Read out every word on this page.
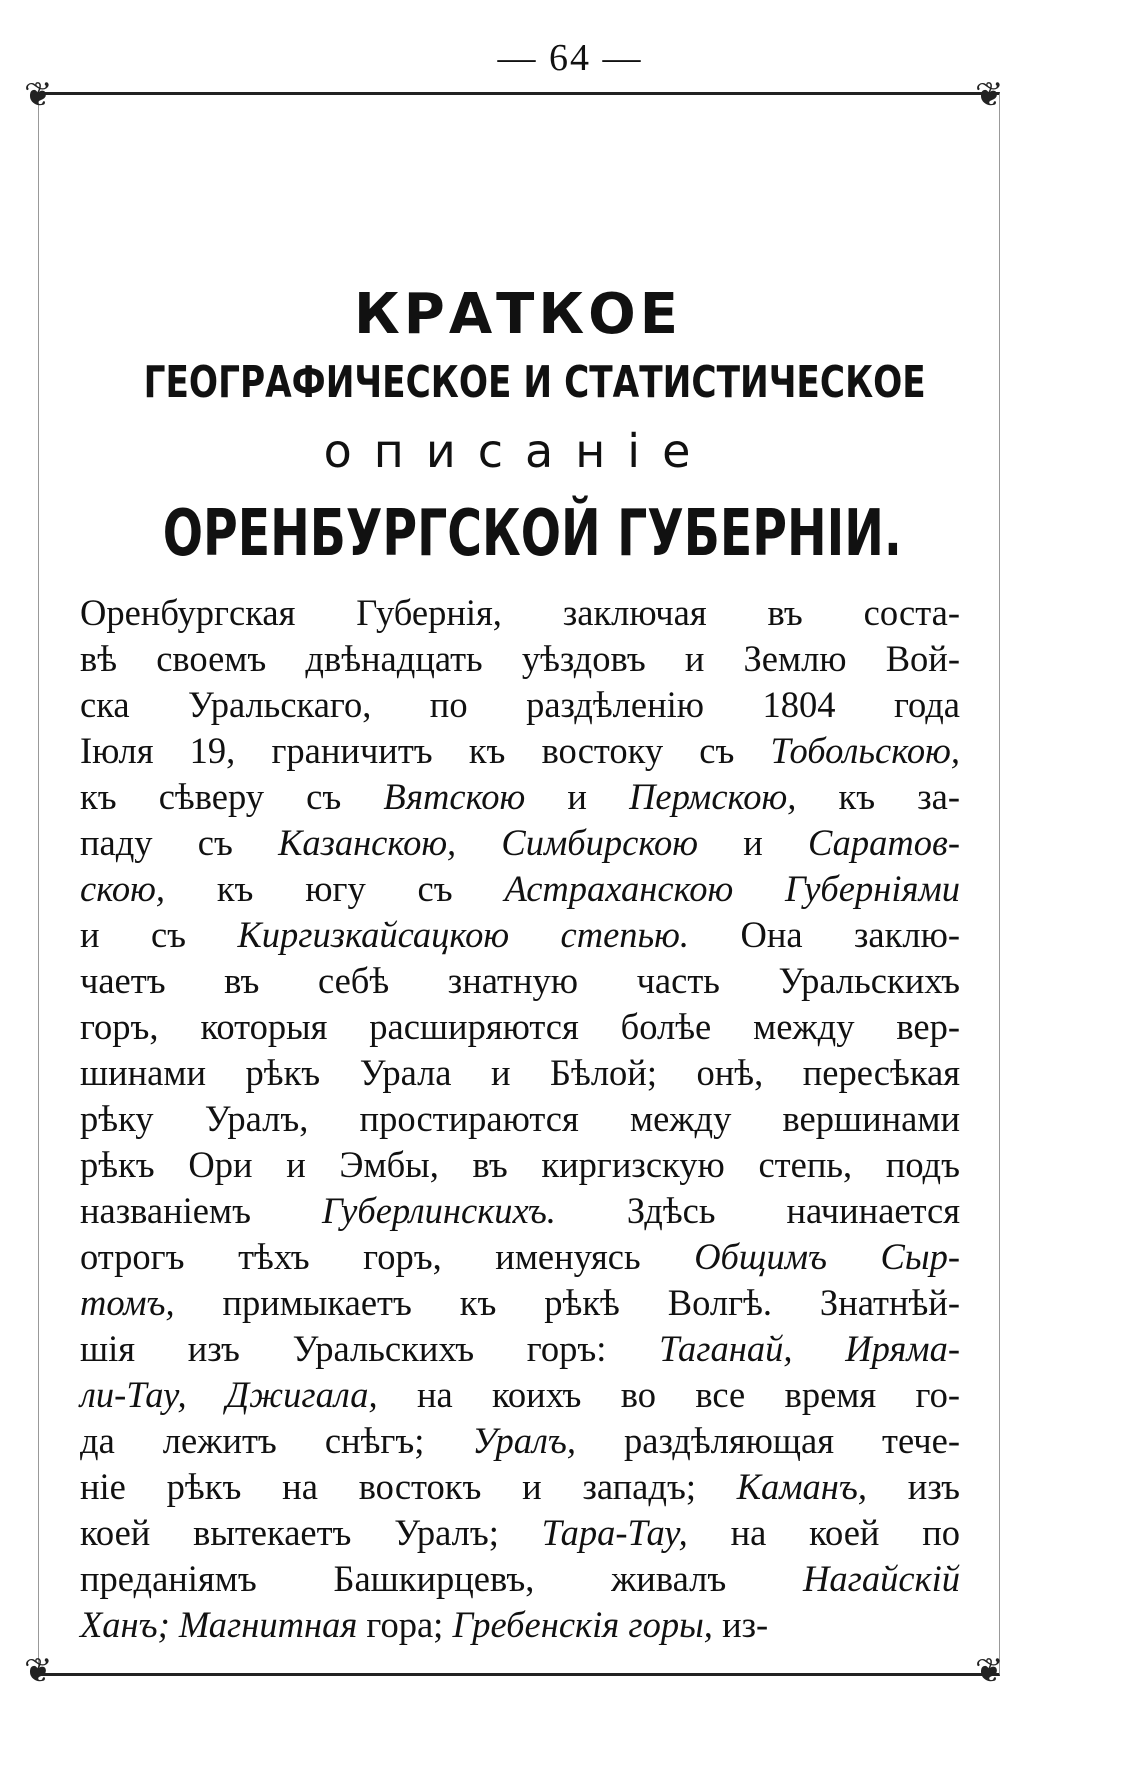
— 64 —
❦	❦
❦	❦
КРАТКОЕ
ГЕОГРАФИЧЕСКОЕ И СТАТИСТИЧЕСКОЕ
описаніе
ОРЕНБУРГСКОЙ ГУБЕРНІИ.
Оренбургская Губернія, заключая въ соста-
вѣ своемъ двѣнадцать уѣздовъ и Землю Вой-
ска Уральскаго, по раздѣленію 1804 года
Іюля 19, граничитъ къ востоку съ Тобольскою,
къ сѣверу съ Вятскою и Пермскою, къ за-
паду съ Казанскою, Симбирскою и Саратов-
скою, къ югу съ Астраханскою Губерніями
и съ Киргизкайсацкою степью. Она заклю-
чаетъ въ себѣ знатную часть Уральскихъ
горъ, которыя расширяются болѣе между вер-
шинами рѣкъ Урала и Бѣлой; онѣ, пересѣкая
рѣку Уралъ, простираются между вершинами
рѣкъ Ори и Эмбы, въ киргизскую степь, подъ
названіемъ Губерлинскихъ. Здѣсь начинается
отрогъ тѣхъ горъ, именуясь Общимъ Сыр-
томъ, примыкаетъ къ рѣкѣ Волгѣ. Знатнѣй-
шія изъ Уральскихъ горъ: Таганай, Ирямa-
ли-Тау, Джигала, на коихъ во все время го-
да лежитъ снѣгъ; Уралъ, раздѣляющая тече-
ніе рѣкъ на востокъ и западъ; Каманъ, изъ
коей вытекаетъ Уралъ; Тара-Тау, на коей по
преданіямъ Башкирцевъ, живалъ Нагайскій
Ханъ; Магнитная гора; Гребенскія горы, из-
